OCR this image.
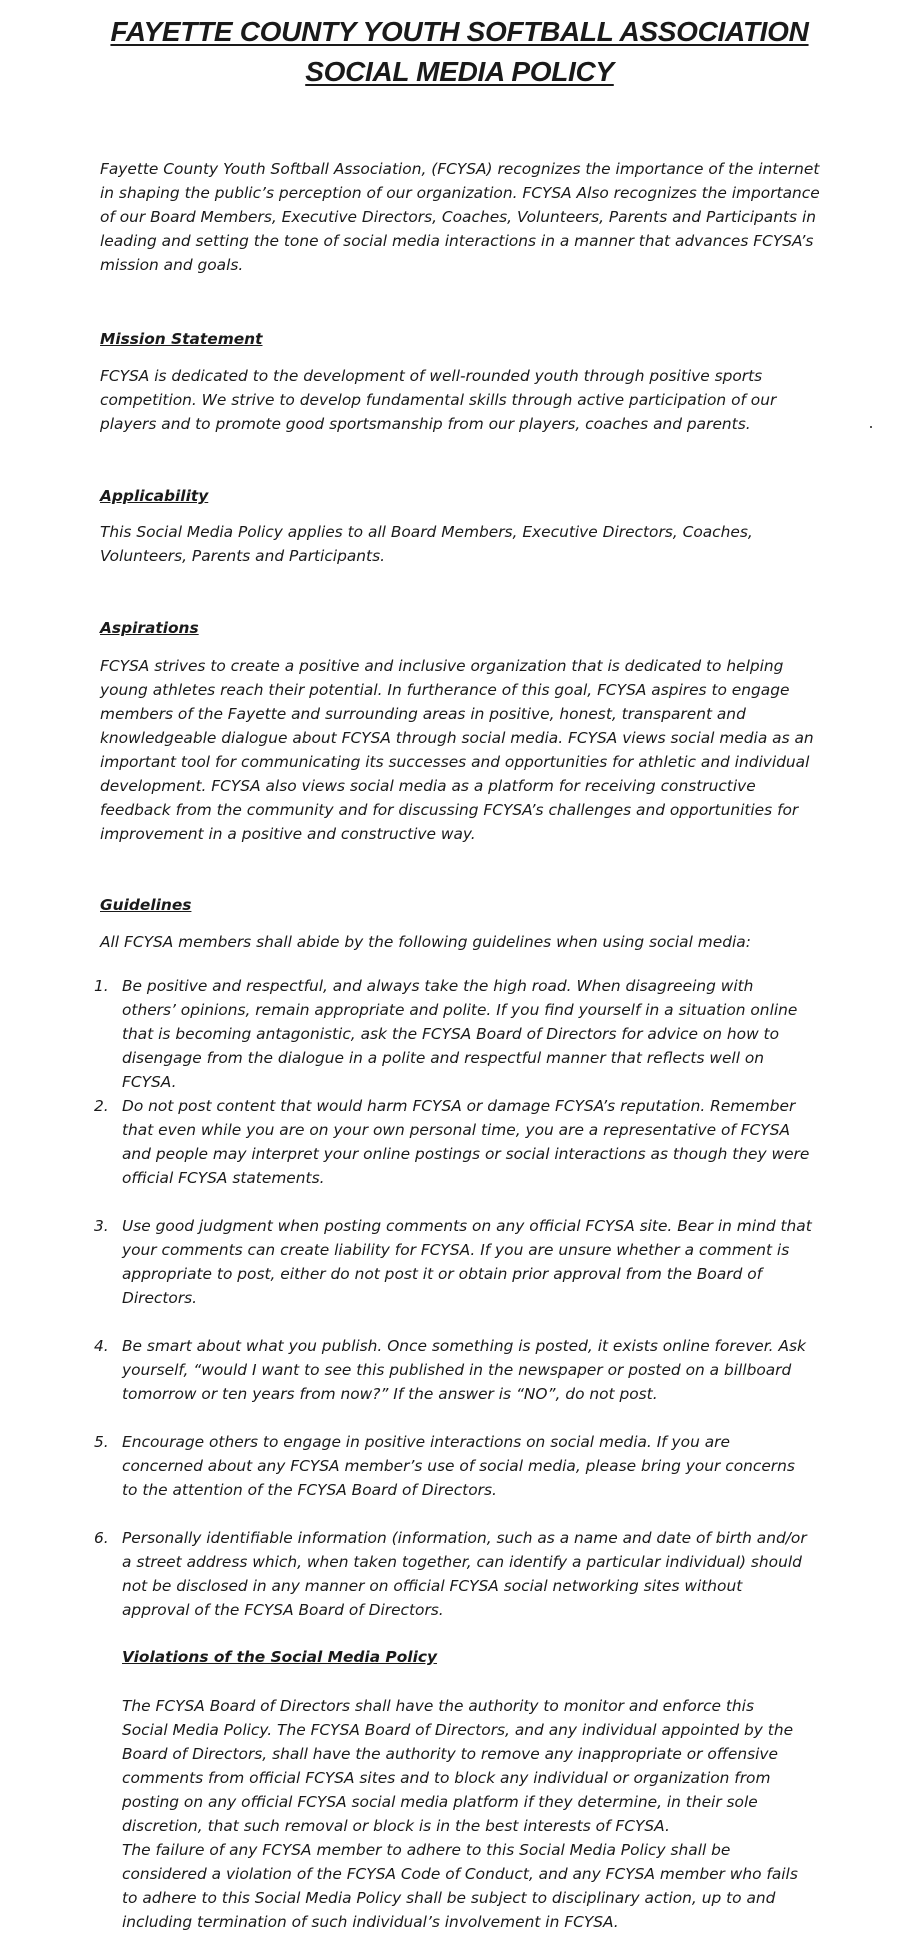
FAYETTE COUNTY YOUTH SOFTBALL ASSOCIATION
SOCIAL MEDIA POLICY

Fayette County Youth Softball Association, (FCYSA) recognizes the importance of the internet in shaping the public’s perception of our organization. FCYSA Also recognizes the importance of our Board Members, Executive Directors, Coaches, Volunteers, Parents and Participants in leading and setting the tone of social media interactions in a manner that advances FCYSA’s mission and goals.

Mission Statement

FCYSA is dedicated to the development of well-rounded youth through positive sports competition. We strive to develop fundamental skills through active participation of our players and to promote good sportsmanship from our players, coaches and parents.

Applicability

This Social Media Policy applies to all Board Members, Executive Directors, Coaches, Volunteers, Parents and Participants.

Aspirations

FCYSA strives to create a positive and inclusive organization that is dedicated to helping young athletes reach their potential. In furtherance of this goal, FCYSA aspires to engage members of the Fayette and surrounding areas in positive, honest, transparent and knowledgeable dialogue about FCYSA through social media. FCYSA views social media as an important tool for communicating its successes and opportunities for athletic and individual development. FCYSA also views social media as a platform for receiving constructive feedback from the community and for discussing FCYSA’s challenges and opportunities for improvement in a positive and constructive way.

Guidelines

All FCYSA members shall abide by the following guidelines when using social media:

1. Be positive and respectful, and always take the high road. When disagreeing with others’ opinions, remain appropriate and polite. If you find yourself in a situation online that is becoming antagonistic, ask the FCYSA Board of Directors for advice on how to disengage from the dialogue in a polite and respectful manner that reflects well on FCYSA.
2. Do not post content that would harm FCYSA or damage FCYSA’s reputation. Remember that even while you are on your own personal time, you are a representative of FCYSA and people may interpret your online postings or social interactions as though they were official FCYSA statements.
3. Use good judgment when posting comments on any official FCYSA site. Bear in mind that your comments can create liability for FCYSA. If you are unsure whether a comment is appropriate to post, either do not post it or obtain prior approval from the Board of Directors.
4. Be smart about what you publish. Once something is posted, it exists online forever. Ask yourself, “would I want to see this published in the newspaper or posted on a billboard tomorrow or ten years from now?” If the answer is “NO”, do not post.
5. Encourage others to engage in positive interactions on social media. If you are concerned about any FCYSA member’s use of social media, please bring your concerns to the attention of the FCYSA Board of Directors.
6. Personally identifiable information (information, such as a name and date of birth and/or a street address which, when taken together, can identify a particular individual) should not be disclosed in any manner on official FCYSA social networking sites without approval of the FCYSA Board of Directors.
Violations of the Social Media Policy

The FCYSA Board of Directors shall have the authority to monitor and enforce this Social Media Policy. The FCYSA Board of Directors, and any individual appointed by the Board of Directors, shall have the authority to remove any inappropriate or offensive comments from official FCYSA sites and to block any individual or organization from posting on any official FCYSA social media platform if they determine, in their sole discretion, that such removal or block is in the best interests of FCYSA.

The failure of any FCYSA member to adhere to this Social Media Policy shall be considered a violation of the FCYSA Code of Conduct, and any FCYSA member who fails to adhere to this Social Media Policy shall be subject to disciplinary action, up to and including termination of such individual’s involvement in FCYSA.
